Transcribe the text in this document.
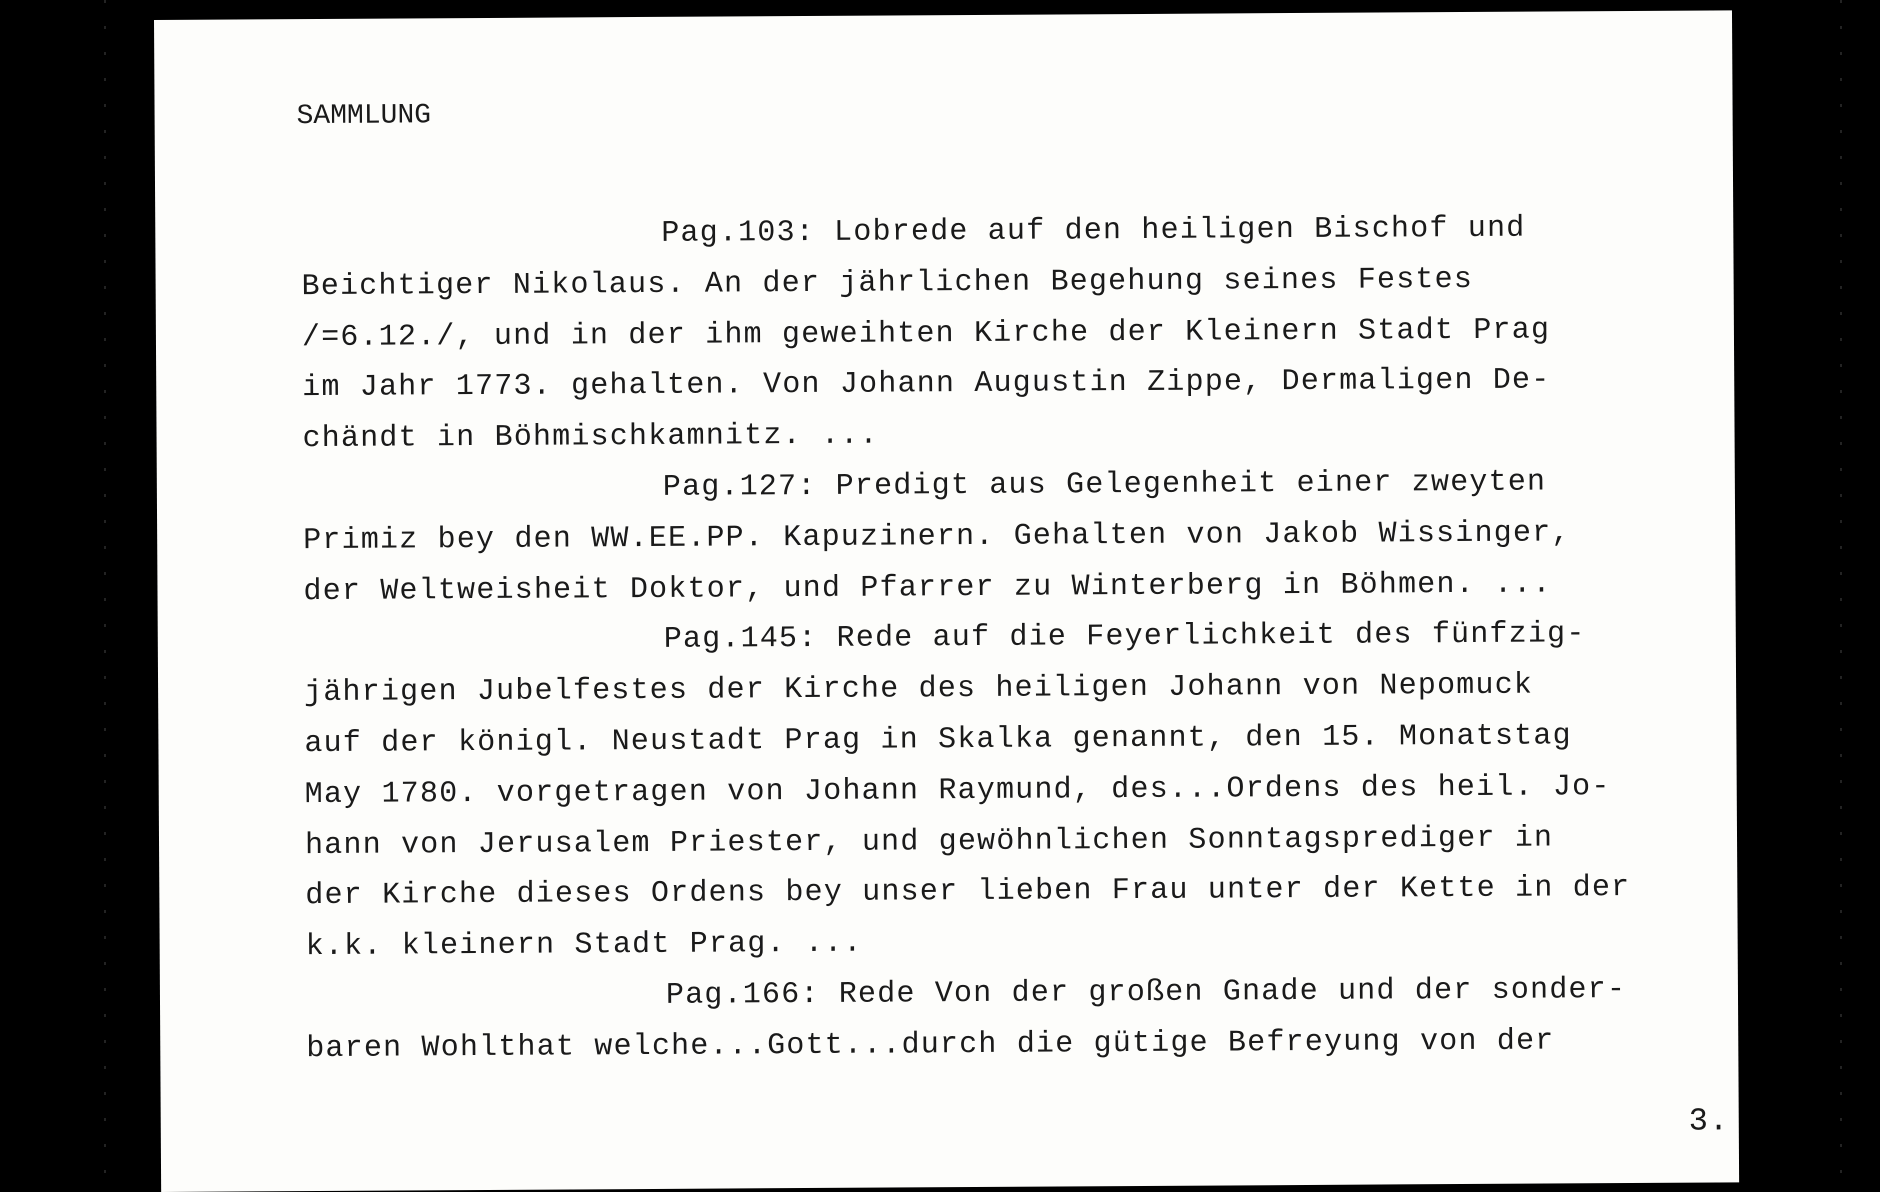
SAMMLUNG
Pag.103: Lobrede auf den heiligen Bischof und
Beichtiger Nikolaus. An der jährlichen Begehung seines Festes
/=6.12./, und in der ihm geweihten Kirche der Kleinern Stadt Prag
im Jahr 1773. gehalten. Von Johann Augustin Zippe, Dermaligen De-
chändt in Böhmischkamnitz. ...
Pag.127: Predigt aus Gelegenheit einer zweyten
Primiz bey den WW.EE.PP. Kapuzinern. Gehalten von Jakob Wissinger,
der Weltweisheit Doktor, und Pfarrer zu Winterberg in Böhmen. ...
Pag.145: Rede auf die Feyerlichkeit des fünfzig-
jährigen Jubelfestes der Kirche des heiligen Johann von Nepomuck
auf der königl. Neustadt Prag in Skalka genannt, den 15. Monatstag
May 1780. vorgetragen von Johann Raymund, des...Ordens des heil. Jo-
hann von Jerusalem Priester, und gewöhnlichen Sonntagsprediger in
der Kirche dieses Ordens bey unser lieben Frau unter der Kette in der
k.k. kleinern Stadt Prag. ...
Pag.166: Rede Von der großen Gnade und der sonder-
baren Wohlthat welche...Gott...durch die gütige Befreyung von der
3.
